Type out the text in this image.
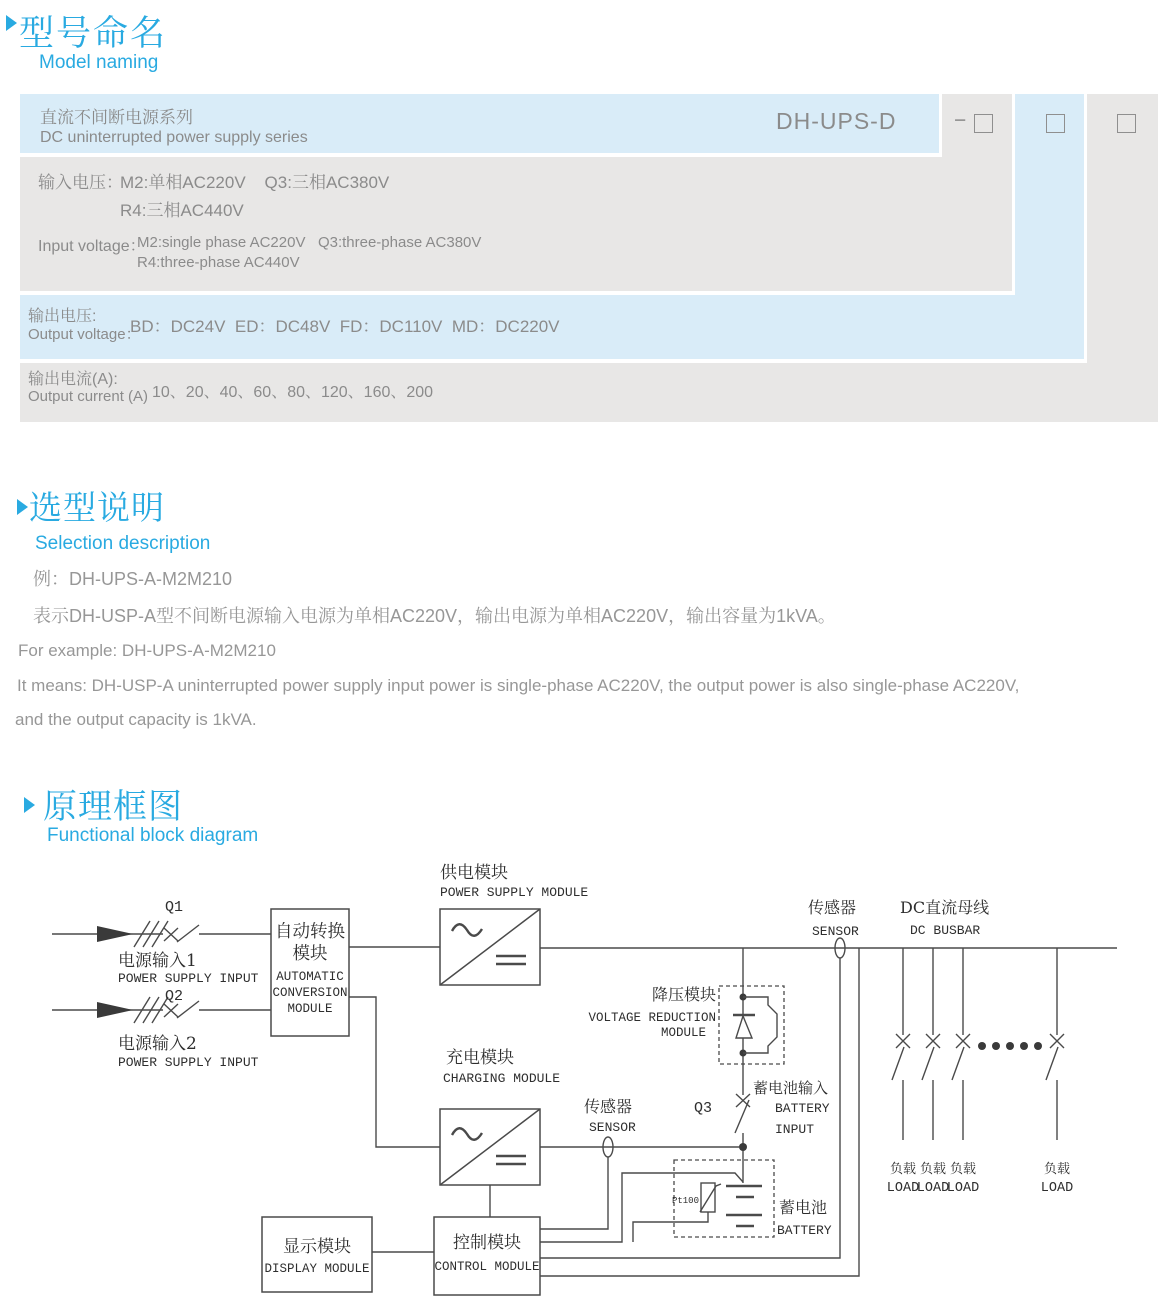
型号命名
Model naming
直流不间断电源系列
DC uninterrupted power supply series
DH-UPS-D	−
输入电压：
M2:单相AC220V    Q3:三相AC380V
R4:三相AC440V
Input voltage：
M2:single phase AC220V   Q3:three-phase AC380V
R4:three-phase AC440V
输出电压:
Output voltage：
BD：DC24V  ED：DC48V  FD：DC110V  MD：DC220V
输出电流(A):
Output current (A) 10、20、40、60、80、120、160、200
选型说明
Selection description
例：DH-UPS-A-M2M210
表示DH-USP-A型不间断电源输入电源为单相AC220V，输出电源为单相AC220V，输出容量为1kVA。
For example: DH-UPS-A-M2M210
It means: DH-USP-A uninterrupted power supply input power is single-phase AC220V, the output power is also single-phase AC220V,
and the output capacity is 1kVA.
原理框图
Functional block diagram
Q1
电源输入1
POWER SUPPLY INPUT
Q2
电源输入2
POWER SUPPLY INPUT
自动转换
模块
AUTOMATIC
CONVERSION
MODULE
供电模块
POWER SUPPLY MODULE
传感器
SENSOR
DC直流母线
DC BUSBAR
降压模块
VOLTAGE REDUCTION
MODULE
Q3
蓄电池输入
BATTERY
INPUT
充电模块
CHARGING MODULE
传感器
SENSOR
Pt100	蓄电池
BATTERY
负载
LOAD
负载
LOAD
负载
LOAD
负载
LOAD
显示模块
DISPLAY MODULE
控制模块
CONTROL MODULE
